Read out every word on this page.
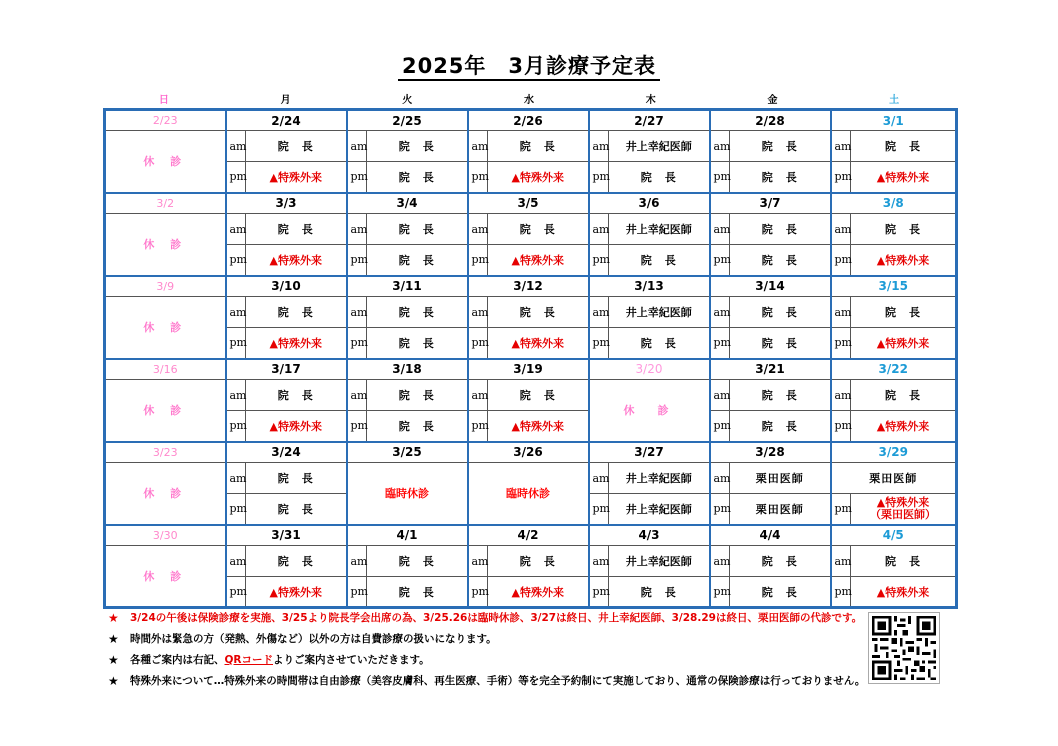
2025年　3月診療予定表
日	月	火	水	木	金	土
2/23	2/24		2/25		2/26		2/27		2/28		3/1	
休 診	am	院　長	am	院　長	am	院　長	am	井上幸紀医師	am	院　長	am	院　長
	pm	▲特殊外来	pm	院　長	pm	▲特殊外来	pm	院　長	pm	院　長	pm	▲特殊外来
3/2	3/3		3/4		3/5		3/6		3/7		3/8	
休 診	am	院　長	am	院　長	am	院　長	am	井上幸紀医師	am	院　長	am	院　長
	pm	▲特殊外来	pm	院　長	pm	▲特殊外来	pm	院　長	pm	院　長	pm	▲特殊外来
3/9	3/10		3/11		3/12		3/13		3/14		3/15	
休 診	am	院　長	am	院　長	am	院　長	am	井上幸紀医師	am	院　長	am	院　長
	pm	▲特殊外来	pm	院　長	pm	▲特殊外来	pm	院　長	pm	院　長	pm	▲特殊外来
3/16	3/17		3/18		3/19		3/20		3/21		3/22	
休 診	am	院　長	am	院　長	am	院　長	休　診		am	院　長	am	院　長
	pm	▲特殊外来	pm	院　長	pm	▲特殊外来			pm	院　長	pm	▲特殊外来
3/23	3/24		3/25		3/26		3/27		3/28		3/29	
休 診	am	院　長	臨時休診		臨時休診		am	井上幸紀医師	am	栗田医師	栗田医師	
	pm	院　長					pm	井上幸紀医師	pm	栗田医師	pm	▲特殊外来
（栗田医師）

3/30	3/31		4/1		4/2		4/3		4/4		4/5	
休 診	am	院　長	am	院　長	am	院　長	am	井上幸紀医師	am	院　長	am	院　長
	pm	▲特殊外来	pm	院　長	pm	▲特殊外来	pm	院　長	pm	院　長	pm	▲特殊外来
★	3/24の午後は保険診療を実施、3/25より院長学会出席の為、3/25.26は臨時休診、3/27は終日、井上幸紀医師、3/28.29は終日、栗田医師の代診です。
★	時間外は緊急の方（発熱、外傷など）以外の方は自費診療の扱いになります。
★	各種ご案内は右記、QRコードよりご案内させていただきます。
★	特殊外来について…特殊外来の時間帯は自由診療（美容皮膚科、再生医療、手術）等を完全予約制にて実施しており、通常の保険診療は行っておりません。
